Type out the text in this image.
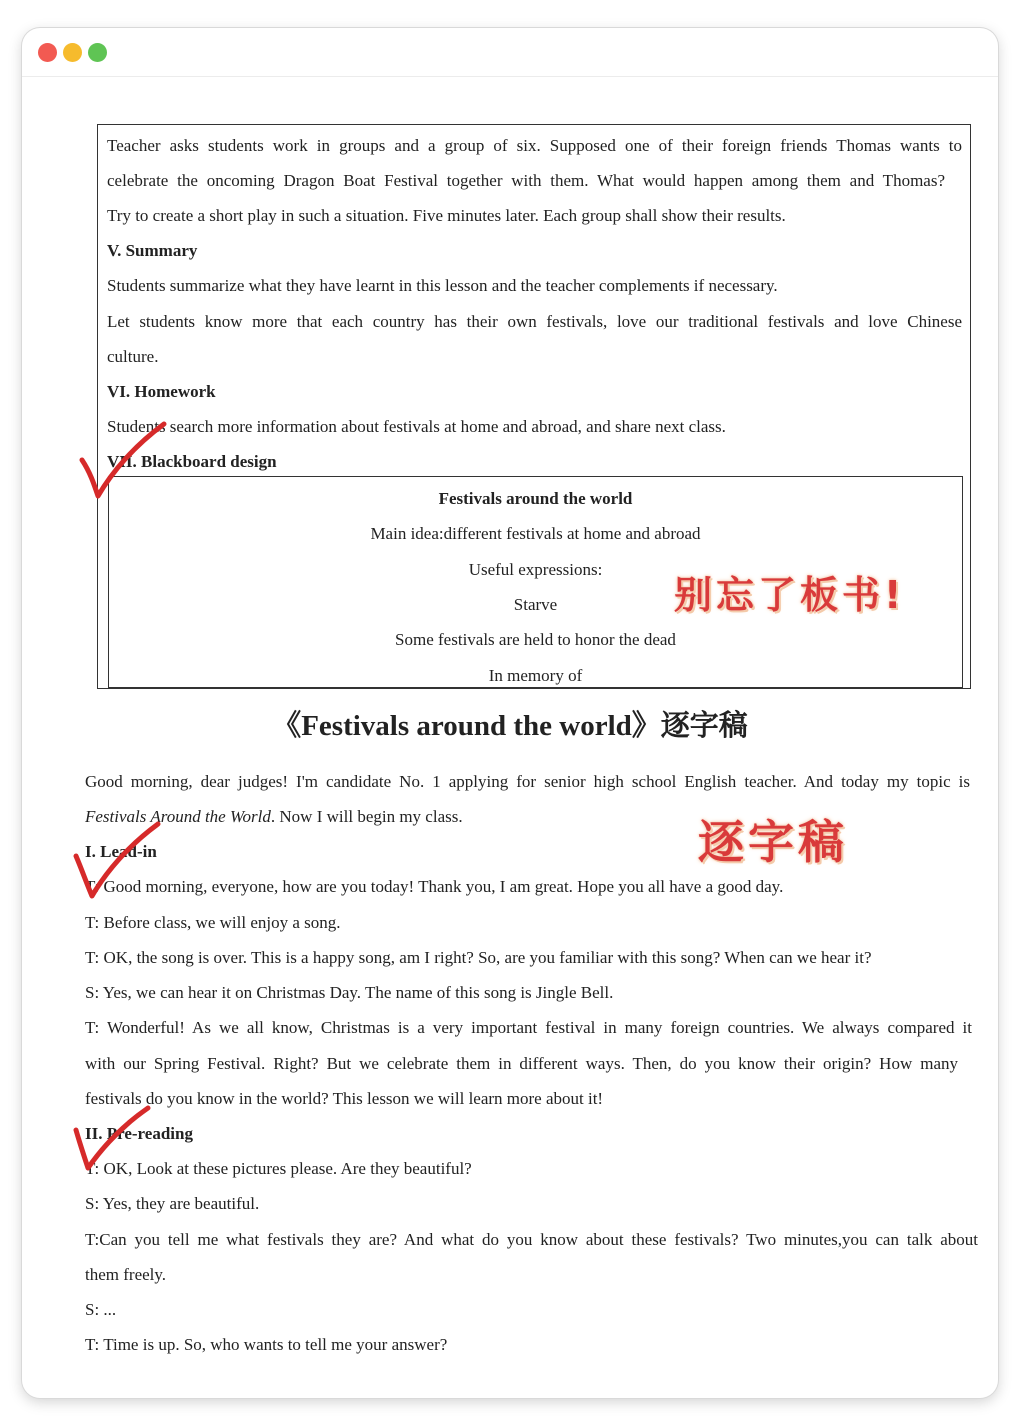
Teacher asks students work in groups and a group of six. Supposed one of their foreign friends Thomas wants to
celebrate the oncoming Dragon Boat Festival together with them. What would happen among them and Thomas?
Try to create a short play in such a situation. Five minutes later. Each group shall show their results.
V. Summary
Students summarize what they have learnt in this lesson and the teacher complements if necessary.
Let students know more that each country has their own festivals, love our traditional festivals and love Chinese
culture.
VI. Homework
Students search more information about festivals at home and abroad, and share next class.
VII. Blackboard design
Festivals around the world
Main idea:different festivals at home and abroad
Useful expressions:
Starve
Some festivals are held to honor the dead
In memory of
别忘了板书!
《Festivals around the world》逐字稿
Good morning, dear judges! I'm candidate No. 1 applying for senior high school English teacher. And today my topic is
Festivals Around the World. Now I will begin my class.	逐字稿
I. Lead-in
T: Good morning, everyone, how are you today! Thank you, I am great. Hope you all have a good day.
T: Before class, we will enjoy a song.
T: OK, the song is over. This is a happy song, am I right? So, are you familiar with this song? When can we hear it?
S: Yes, we can hear it on Christmas Day. The name of this song is Jingle Bell.
T: Wonderful! As we all know, Christmas is a very important festival in many foreign countries. We always compared it
with our Spring Festival. Right? But we celebrate them in different ways. Then, do you know their origin? How many
festivals do you know in the world? This lesson we will learn more about it!
II. Pre-reading
T: OK, Look at these pictures please. Are they beautiful?
S: Yes, they are beautiful.
T:Can you tell me what festivals they are? And what do you know about these festivals? Two minutes,you can talk about
them freely.
S: ...
T: Time is up. So, who wants to tell me your answer?
